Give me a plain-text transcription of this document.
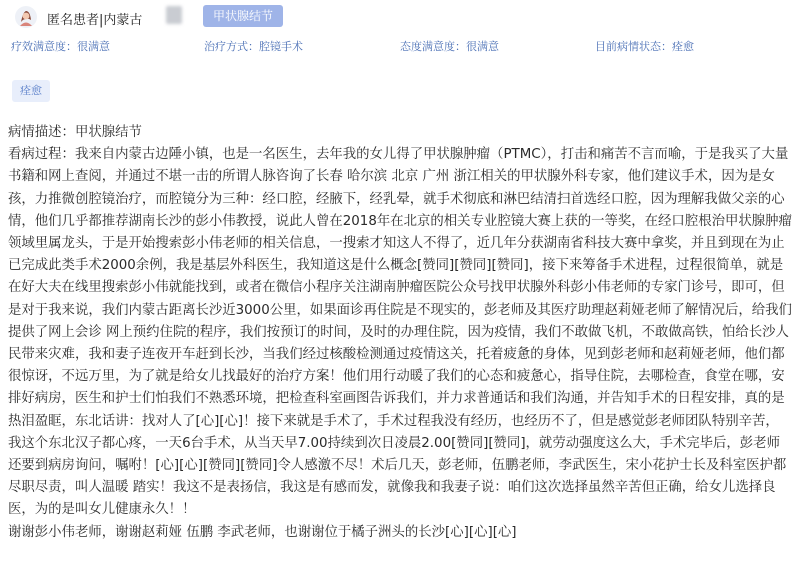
匿名患者|内蒙古	甲状腺结节
疗效满意度：很满意	治疗方式：腔镜手术	态度满意度：很满意	目前病情状态：痊愈
痊愈

病情描述：甲状腺结节

看病过程：我来自内蒙古边陲小镇，也是一名医生，去年我的女儿得了甲状腺肿瘤（PTMC），打击和痛苦不言而喻，于是我买了大量书籍和网上查阅，并通过不堪一击的所谓人脉咨询了长春 哈尔滨 北京 广州 浙江相关的甲状腺外科专家，他们建议手术，因为是女孩，力推微创腔镜治疗，而腔镜分为三种：经口腔，经腋下，经乳晕，就手术彻底和淋巴结清扫首选经口腔，因为理解我做父亲的心情，他们几乎都推荐湖南长沙的彭小伟教授，说此人曾在2018年在北京的相关专业腔镜大赛上获的一等奖，在经口腔根治甲状腺肿瘤领域里属龙头，于是开始搜索彭小伟老师的相关信息，一搜索才知这人不得了，近几年分获湖南省科技大赛中拿奖，并且到现在为止已完成此类手术2000余例，我是基层外科医生，我知道这是什么概念[赞同][赞同][赞同]，接下来筹备手术进程，过程很简单，就是在好大夫在线里搜索彭小伟就能找到，或者在微信小程序关注湖南肿瘤医院公众号找甲状腺外科彭小伟老师的专家门诊号，即可，但是对于我来说，我们内蒙古距离长沙近3000公里，如果面诊再住院是不现实的，彭老师及其医疗助理赵莉娅老师了解情况后，给我们提供了网上会诊 网上预约住院的程序，我们按预订的时间，及时的办理住院，因为疫情，我们不敢做飞机，不敢做高铁，怕给长沙人民带来灾难，我和妻子连夜开车赶到长沙，当我们经过核酸检测通过疫情这关，托着疲惫的身体，见到彭老师和赵莉娅老师，他们都很惊讶，不远万里，为了就是给女儿找最好的治疗方案！他们用行动暖了我们的心态和疲惫心，指导住院，去哪检查，食堂在哪，安排好病房，医生和护士们怕我们不熟悉环境，把检查科室画图告诉我们，并力求普通话和我们沟通，并告知手术的日程安排，真的是热泪盈眶，东北话讲：找对人了[心][心]！接下来就是手术了，手术过程我没有经历，也经历不了，但是感觉彭老师团队特别辛苦，我这个东北汉子都心疼，一天6台手术，从当天早7.00持续到次日凌晨2.00[赞同][赞同]，就劳动强度这么大，手术完毕后，彭老师还要到病房询问，嘱咐！[心][心][赞同][赞同]令人感激不尽！术后几天，彭老师，伍鹏老师，李武医生，宋小花护士长及科室医护都尽职尽责，叫人温暖 踏实！我这不是表扬信，我这是有感而发，就像我和我妻子说：咱们这次选择虽然辛苦但正确，给女儿选择良医，为的是叫女儿健康永久！！

谢谢彭小伟老师，谢谢赵莉娅 伍鹏 李武老师，也谢谢位于橘子洲头的长沙[心][心][心]
